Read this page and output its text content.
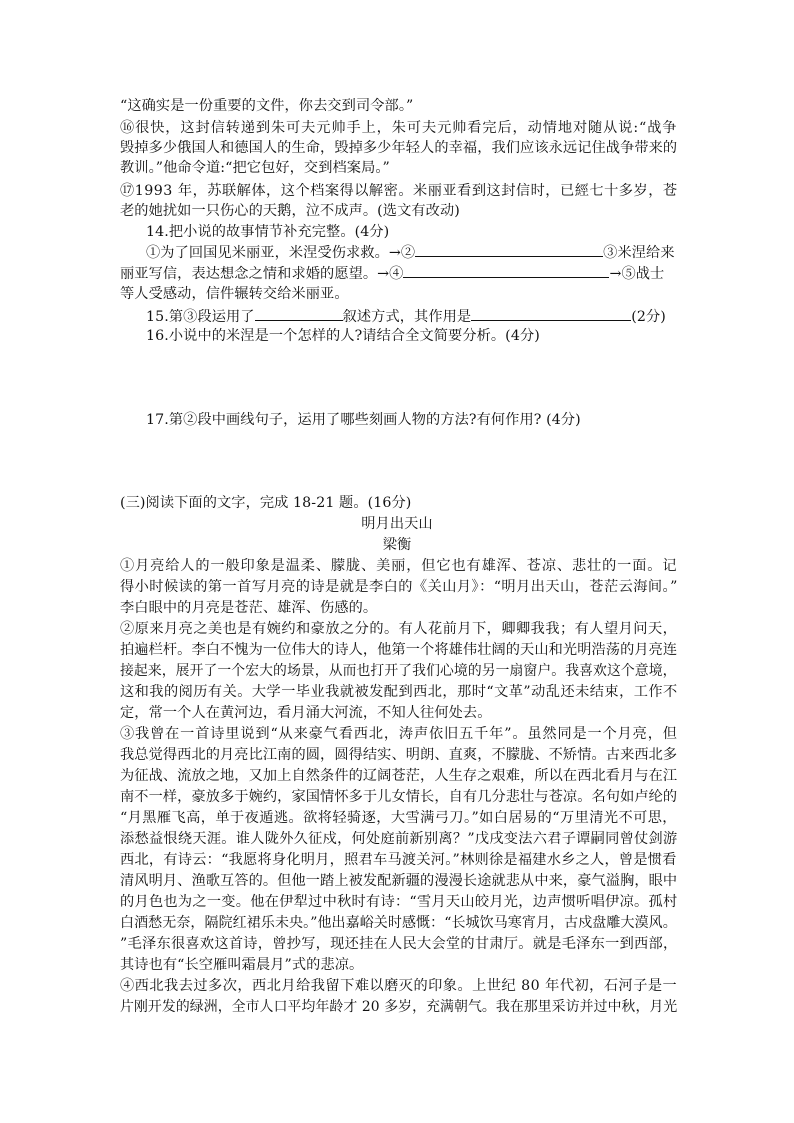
“这确实是一份重要的文件，你去交到司令部。”
⑯很快，这封信转递到朱可夫元帅手上，朱可夫元帅看完后，动情地对随从说:“战争
毁掉多少俄国人和德国人的生命，毁掉多少年轻人的幸福，我们应该永远记住战争带来的
教训。”他命令道:“把它包好，交到档案局。”
⑰1993 年，苏联解体，这个档案得以解密。米丽亚看到这封信时，已經七十多岁，苍
老的她扰如一只伤心的天鹅，泣不成声。(选文有改动)
14.把小说的故事情节补充完整。(4分)
①为了回国见米丽亚，米涅受伤求救。→②	③米涅给来
丽亚写信，表达想念之情和求婚的愿望。→④	→⑤战士
等人受感动，信件辗转交给米丽亚。
15.第③段运用了	叙述方式，其作用是	(2分)
16.小说中的米涅是一个怎样的人?请结合全文简要分析。(4分)
17.第②段中画线句子，运用了哪些刻画人物的方法?有何作用? (4分)
(三)阅读下面的文字，完成 18-21 题。(16分)
明月出天山
梁衡
①月亮给人的一般印象是温柔、朦胧、美丽，但它也有雄浑、苍凉、悲壮的一面。记
得小时候读的第一首写月亮的诗是就是李白的《关山月》：“明月出天山，苍茫云海间。”
李白眼中的月亮是苍茫、雄浑、伤感的。
②原来月亮之美也是有婉约和豪放之分的。有人花前月下，卿卿我我；有人望月问天，
拍遍栏杆。李白不愧为一位伟大的诗人，他第一个将雄伟壮阔的天山和光明浩荡的月亮连
接起来，展开了一个宏大的场景，从而也打开了我们心境的另一扇窗户。我喜欢这个意境，
这和我的阅历有关。大学一毕业我就被发配到西北，那时“文革”动乱还未结束，工作不
定，常一个人在黄河边，看月涌大河流，不知人往何处去。
③我曾在一首诗里说到“从来豪气看西北，涛声依旧五千年”。虽然同是一个月亮，但
我总觉得西北的月亮比江南的圆，圆得结实、明朗、直爽，不朦胧、不矫情。古来西北多
为征战、流放之地，又加上自然条件的辽阔苍茫，人生存之艰难，所以在西北看月与在江
南不一样，豪放多于婉约，家国情怀多于儿女情长，自有几分悲壮与苍凉。名句如卢纶的
“月黑雁飞高，单于夜遁逃。欲将轻骑逐，大雪满弓刀。”如白居易的“万里清光不可思，
添愁益恨绕天涯。谁人陇外久征戍，何处庭前新别离？”戊戌变法六君子谭嗣同曾仗剑游
西北，有诗云：“我愿将身化明月，照君车马渡关河。”林则徐是福建水乡之人，曾是惯看
清风明月、渔歌互答的。但他一踏上被发配新疆的漫漫长途就悲从中来，豪气溢胸，眼中
的月色也为之一变。他在伊犁过中秋时有诗：“雪月天山皎月光，边声惯听唱伊凉。孤村
白酒愁无奈，隔院红裙乐未央。”他出嘉峪关时感慨：“长城饮马寒宵月，古戍盘雕大漠风。
”毛泽东很喜欢这首诗，曾抄写，现还挂在人民大会堂的甘肃厅。就是毛泽东一到西部，
其诗也有“长空雁叫霜晨月”式的悲凉。
④西北我去过多次，西北月给我留下难以磨灭的印象。上世纪 80 年代初，石河子是一
片刚开发的绿洲，全市人口平均年龄才 20 多岁，充满朝气。我在那里采访并过中秋，月光
